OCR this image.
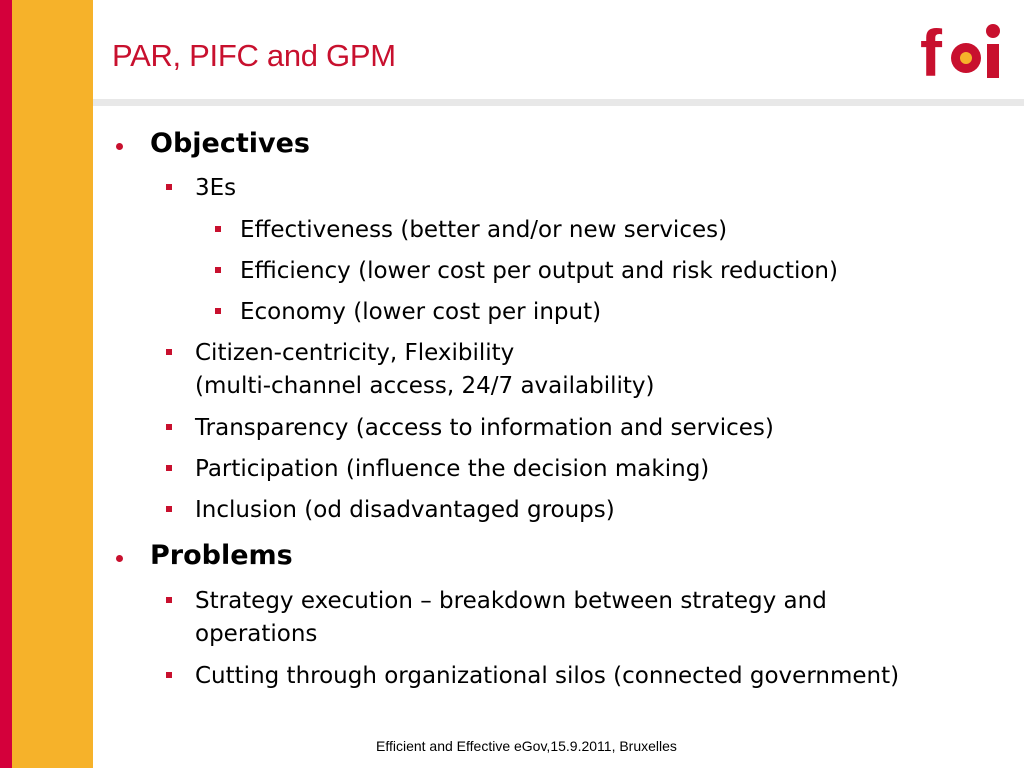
PAR, PIFC and GPM	f
Objectives
3Es
Effectiveness (better and/or new services)
Efficiency (lower cost per output and risk reduction)
Economy (lower cost per input)
Citizen-centricity, Flexibility
(multi-channel access, 24/7 availability)
Transparency (access to information and services)
Participation (influence the decision making)
Inclusion (od disadvantaged groups)
Problems
Strategy execution – breakdown between strategy and
operations
Cutting through organizational silos (connected government)
Efficient and Effective eGov,15.9.2011, Bruxelles
